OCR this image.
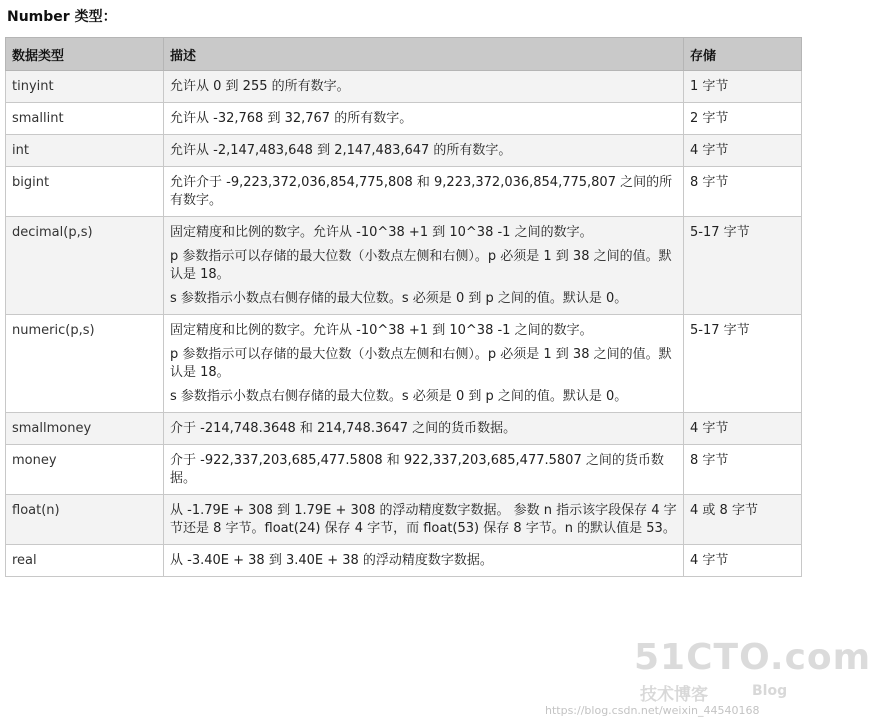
Number 类型：
数据类型	描述	存储
tinyint	允许从 0 到 255 的所有数字。	1 字节
smallint	允许从 -32,768 到 32,767 的所有数字。	2 字节
int	允许从 -2,147,483,648 到 2,147,483,647 的所有数字。	4 字节
bigint	允许介于 -9,223,372,036,854,775,808 和 9,223,372,036,854,775,807 之间的所有数字。	8 字节
decimal(p,s)	固定精度和比例的数字。允许从 -10^38 +1 到 10^38 -1 之间的数字。

p 参数指示可以存储的最大位数（小数点左侧和右侧）。p 必须是 1 到 38 之间的值。默认是 18。

s 参数指示小数点右侧存储的最大位数。s 必须是 0 到 p 之间的值。默认是 0。	5-17 字节
numeric(p,s)	固定精度和比例的数字。允许从 -10^38 +1 到 10^38 -1 之间的数字。

p 参数指示可以存储的最大位数（小数点左侧和右侧）。p 必须是 1 到 38 之间的值。默认是 18。

s 参数指示小数点右侧存储的最大位数。s 必须是 0 到 p 之间的值。默认是 0。	5-17 字节
smallmoney	介于 -214,748.3648 和 214,748.3647 之间的货币数据。	4 字节
money	介于 -922,337,203,685,477.5808 和 922,337,203,685,477.5807 之间的货币数据。	8 字节
float(n)	从 -1.79E + 308 到 1.79E + 308 的浮动精度数字数据。 参数 n 指示该字段保存 4 字节还是 8 字节。float(24) 保存 4 字节，而 float(53) 保存 8 字节。n 的默认值是 53。	4 或 8 字节
real	从 -3.40E + 38 到 3.40E + 38 的浮动精度数字数据。	4 字节
51CTO.com
技术博客	Blog
https://blog.csdn.net/weixin_44540168
